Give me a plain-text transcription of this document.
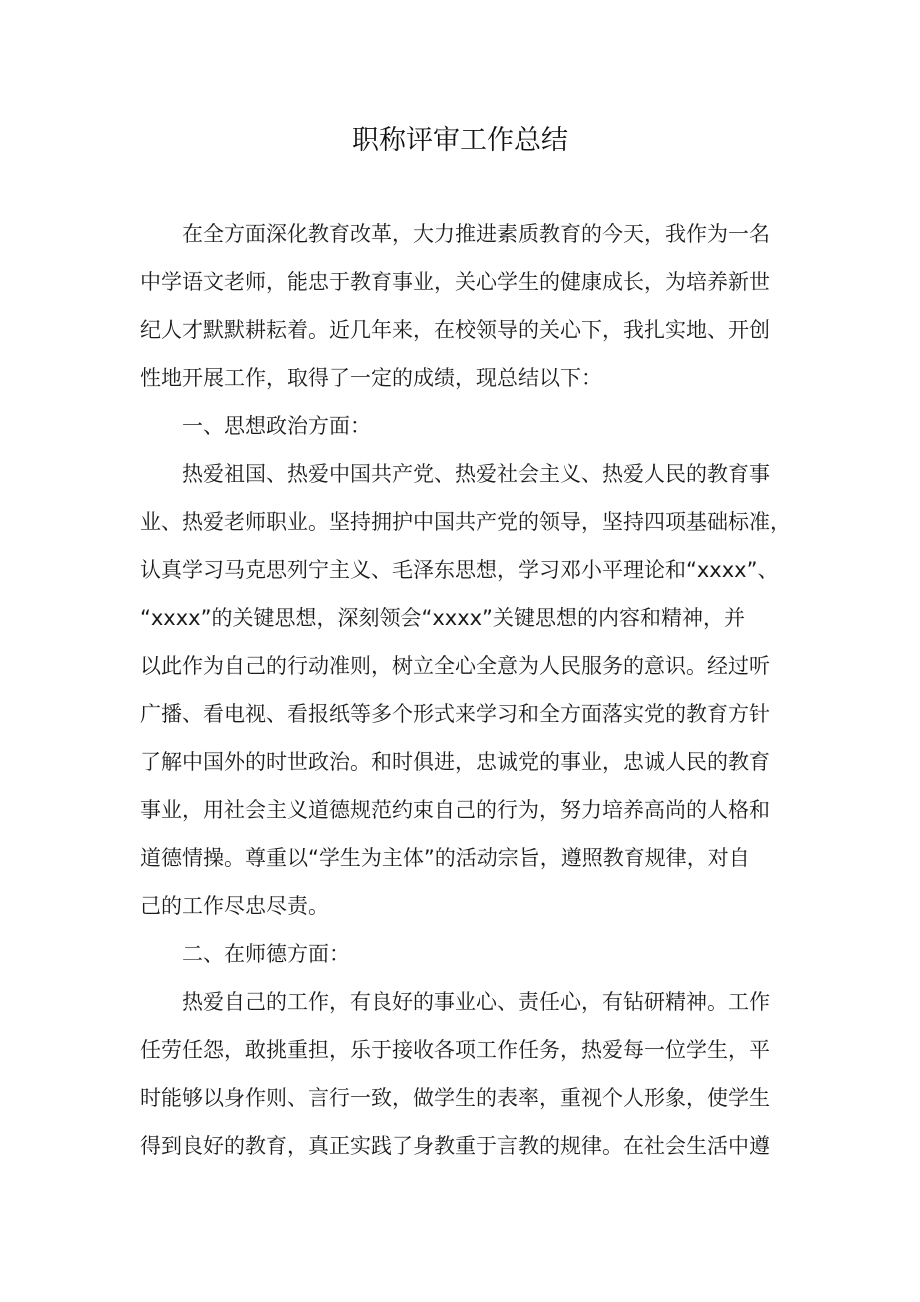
职称评审工作总结
在全方面深化教育改革，大力推进素质教育的今天，我作为一名
中学语文老师，能忠于教育事业，关心学生的健康成长，为培养新世
纪人才默默耕耘着。近几年来，在校领导的关心下，我扎实地、开创
性地开展工作，取得了一定的成绩，现总结以下：
一、思想政治方面：
热爱祖国、热爱中国共产党、热爱社会主义、热爱人民的教育事
业、热爱老师职业。坚持拥护中国共产党的领导，坚持四项基础标准，
认真学习马克思列宁主义、毛泽东思想，学习邓小平理论和“xxxx”、
“xxxx”的关键思想，深刻领会“xxxx”关键思想的内容和精神，并
以此作为自己的行动准则，树立全心全意为人民服务的意识。经过听
广播、看电视、看报纸等多个形式来学习和全方面落实党的教育方针
了解中国外的时世政治。和时俱进，忠诚党的事业，忠诚人民的教育
事业，用社会主义道德规范约束自己的行为，努力培养高尚的人格和
道德情操。尊重以“学生为主体”的活动宗旨，遵照教育规律，对自
己的工作尽忠尽责。
二、在师德方面：
热爱自己的工作，有良好的事业心、责任心，有钻研精神。工作
任劳任怨，敢挑重担，乐于接收各项工作任务，热爱每一位学生，平
时能够以身作则、言行一致，做学生的表率，重视个人形象，使学生
得到良好的教育，真正实践了身教重于言教的规律。在社会生活中遵
